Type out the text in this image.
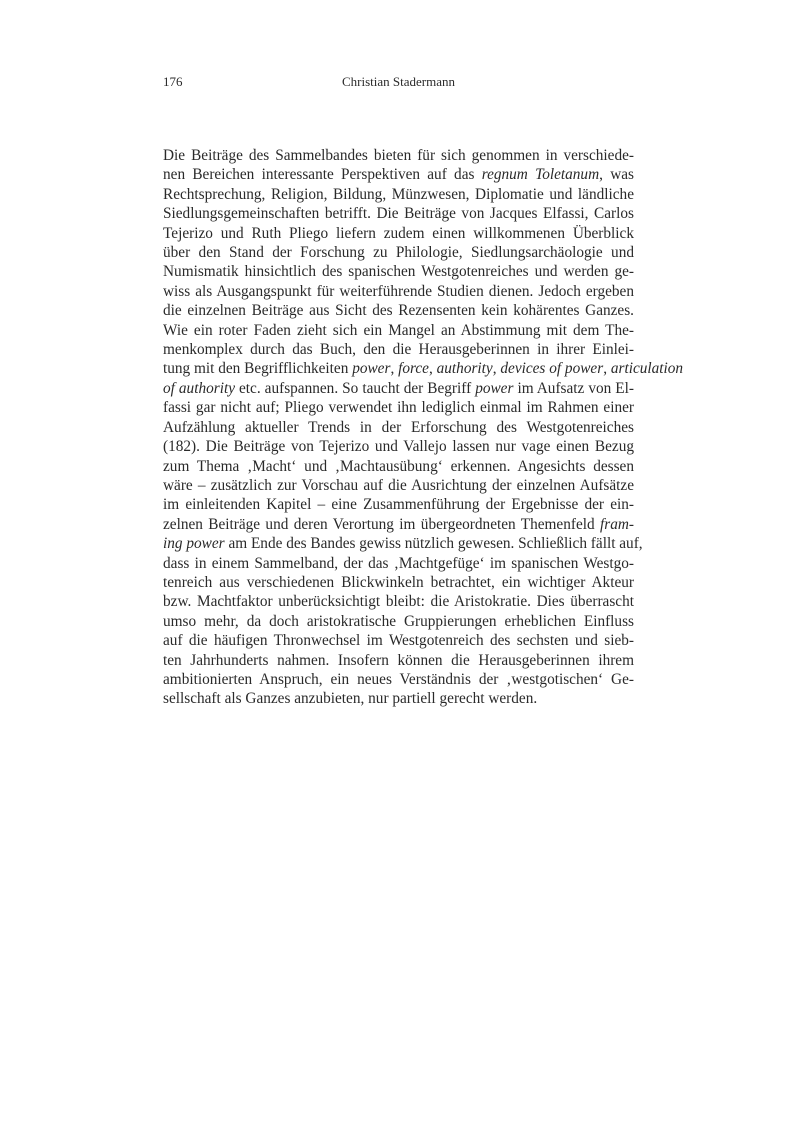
176	Christian Stadermann
Die Beiträge des Sammelbandes bieten für sich genommen in verschiede-
nen Bereichen interessante Perspektiven auf das regnum Toletanum, was
Rechtsprechung, Religion, Bildung, Münzwesen, Diplomatie und ländliche
Siedlungsgemeinschaften betrifft. Die Beiträge von Jacques Elfassi, Carlos
Tejerizo und Ruth Pliego liefern zudem einen willkommenen Überblick
über den Stand der Forschung zu Philologie, Siedlungsarchäologie und
Numismatik hinsichtlich des spanischen Westgotenreiches und werden ge-
wiss als Ausgangspunkt für weiterführende Studien dienen. Jedoch ergeben
die einzelnen Beiträge aus Sicht des Rezensenten kein kohärentes Ganzes.
Wie ein roter Faden zieht sich ein Mangel an Abstimmung mit dem The-
menkomplex durch das Buch, den die Herausgeberinnen in ihrer Einlei-
tung mit den Begrifflichkeiten power, force, authority, devices of power, articulation
of authority etc. aufspannen. So taucht der Begriff power im Aufsatz von El-
fassi gar nicht auf; Pliego verwendet ihn lediglich einmal im Rahmen einer
Aufzählung aktueller Trends in der Erforschung des Westgotenreiches
(182). Die Beiträge von Tejerizo und Vallejo lassen nur vage einen Bezug
zum Thema ‚Macht‘ und ‚Machtausübung‘ erkennen. Angesichts dessen
wäre – zusätzlich zur Vorschau auf die Ausrichtung der einzelnen Aufsätze
im einleitenden Kapitel – eine Zusammenführung der Ergebnisse der ein-
zelnen Beiträge und deren Verortung im übergeordneten Themenfeld fram-
ing power am Ende des Bandes gewiss nützlich gewesen. Schließlich fällt auf,
dass in einem Sammelband, der das ‚Machtgefüge‘ im spanischen Westgo-
tenreich aus verschiedenen Blickwinkeln betrachtet, ein wichtiger Akteur
bzw. Machtfaktor unberücksichtigt bleibt: die Aristokratie. Dies überrascht
umso mehr, da doch aristokratische Gruppierungen erheblichen Einfluss
auf die häufigen Thronwechsel im Westgotenreich des sechsten und sieb-
ten Jahrhunderts nahmen. Insofern können die Herausgeberinnen ihrem
ambitionierten Anspruch, ein neues Verständnis der ‚westgotischen‘ Ge-
sellschaft als Ganzes anzubieten, nur partiell gerecht werden.
